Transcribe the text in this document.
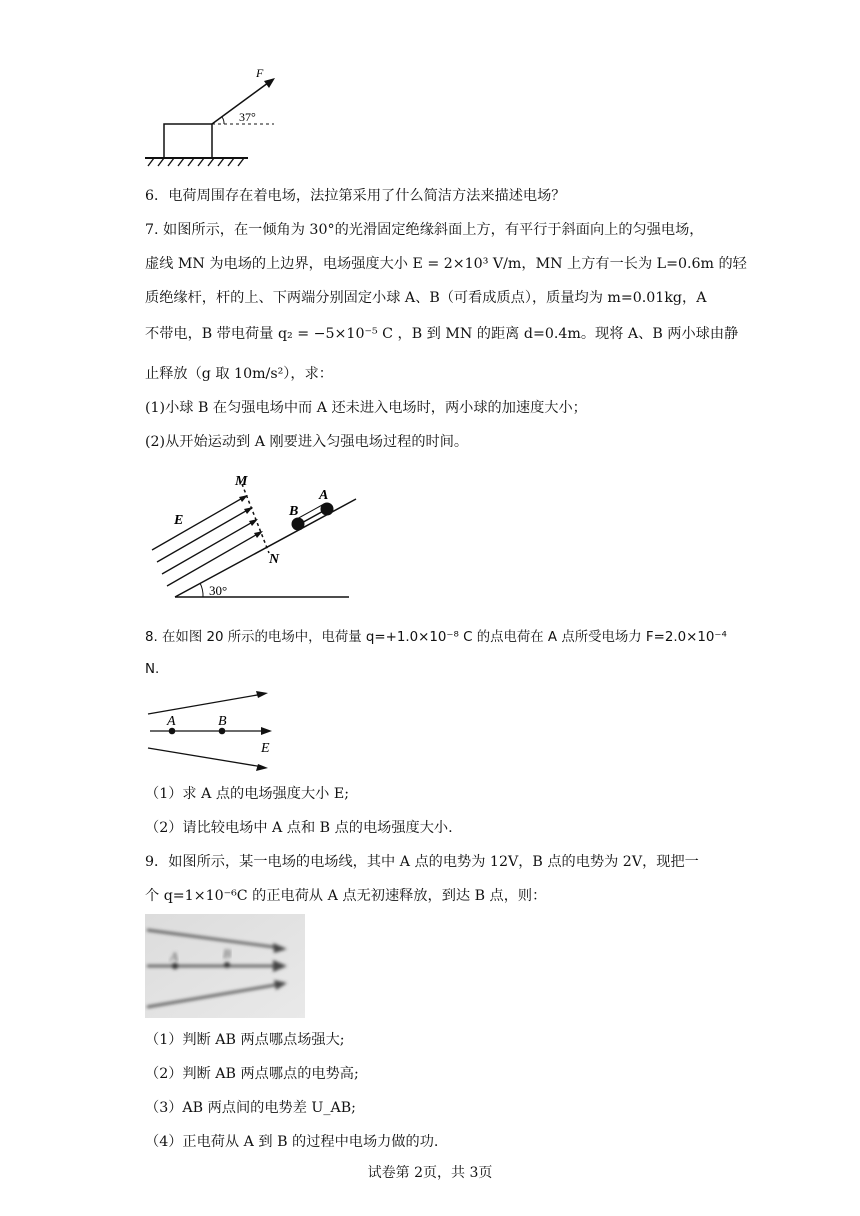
F
37°
6．电荷周围存在着电场，法拉第采用了什么简洁方法来描述电场？
7. 如图所示，在一倾角为 30°的光滑固定绝缘斜面上方，有平行于斜面向上的匀强电场，
虚线 MN 为电场的上边界，电场强度大小 E = 2×10³ V/m，MN 上方有一长为 L=0.6m 的轻
质绝缘杆，杆的上、下两端分别固定小球 A、B（可看成质点），质量均为 m=0.01kg，A
不带电，B 带电荷量 q₂ = −5×10⁻⁵ C ，B 到 MN 的距离 d=0.4m。现将 A、B 两小球由静
止释放（g 取 10m/s²），求：
(1)小球 B 在匀强电场中而 A 还未进入电场时，两小球的加速度大小；
(2)从开始运动到 A 刚要进入匀强电场过程的时间。
30°
E
M
N
B
A
8. 在如图 20 所示的电场中，电荷量 q=+1.0×10⁻⁸ C 的点电荷在 A 点所受电场力 F=2.0×10⁻⁴
N.
A	B
E
（1）求 A 点的电场强度大小 E;
（2）请比较电场中 A 点和 B 点的电场强度大小.
9．如图所示，某一电场的电场线，其中 A 点的电势为 12V，B 点的电势为 2V，现把一
个 q=1×10⁻⁶C 的正电荷从 A 点无初速释放，到达 B 点，则：
A	B
（1）判断 AB 两点哪点场强大;
（2）判断 AB 两点哪点的电势高;
（3）AB 两点间的电势差 U_AB;
（4）正电荷从 A 到 B 的过程中电场力做的功.
试卷第 2页，共 3页
